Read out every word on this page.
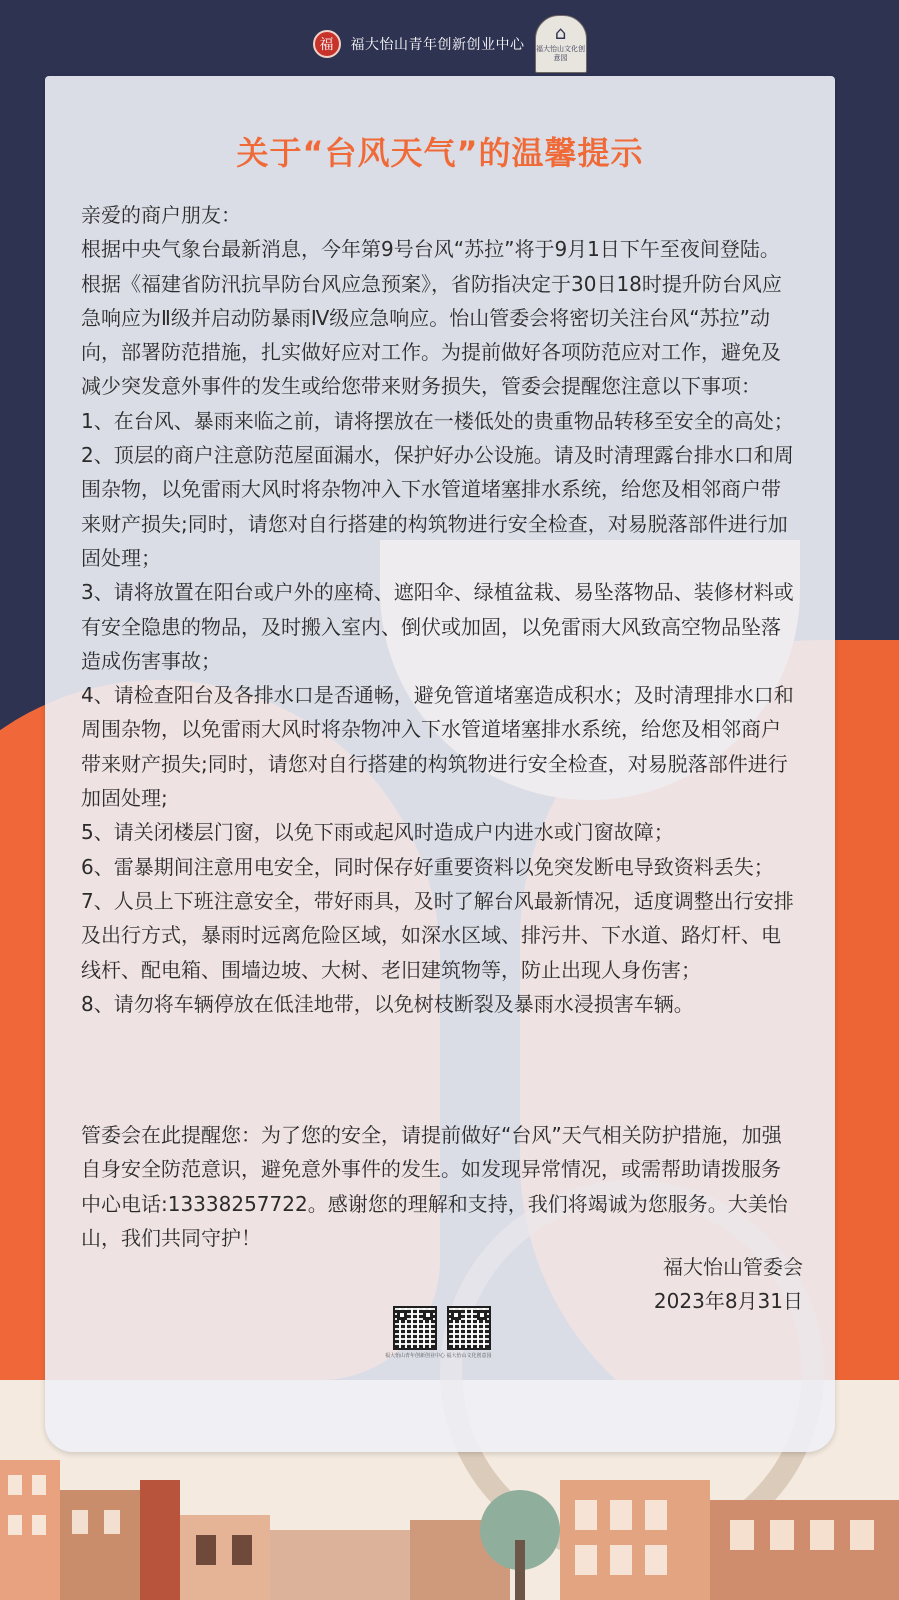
福	福大怡山青年创新创业中心
⌂
福大怡山文化创意园
关于“台风天气”的温馨提示

亲爱的商户朋友：

根据中央气象台最新消息，今年第9号台风“苏拉”将于9月1日下午至夜间登陆。根据《福建省防汛抗旱防台风应急预案》，省防指决定于30日18时提升防台风应急响应为Ⅱ级并启动防暴雨Ⅳ级应急响应。怡山管委会将密切关注台风“苏拉”动向，部署防范措施，扎实做好应对工作。为提前做好各项防范应对工作，避免及减少突发意外事件的发生或给您带来财务损失，管委会提醒您注意以下事项：

1、在台风、暴雨来临之前，请将摆放在一楼低处的贵重物品转移至安全的高处；

2、顶层的商户注意防范屋面漏水，保护好办公设施。请及时清理露台排水口和周围杂物，以免雷雨大风时将杂物冲入下水管道堵塞排水系统，给您及相邻商户带来财产损失;同时，请您对自行搭建的构筑物进行安全检查，对易脱落部件进行加固处理；

3、请将放置在阳台或户外的座椅、遮阳伞、绿植盆栽、易坠落物品、装修材料或有安全隐患的物品，及时搬入室内、倒伏或加固，以免雷雨大风致高空物品坠落造成伤害事故；

4、请检查阳台及各排水口是否通畅，避免管道堵塞造成积水；及时清理排水口和周围杂物，以免雷雨大风时将杂物冲入下水管道堵塞排水系统，给您及相邻商户带来财产损失;同时，请您对自行搭建的构筑物进行安全检查，对易脱落部件进行加固处理;

5、请关闭楼层门窗，以免下雨或起风时造成户内进水或门窗故障；

6、雷暴期间注意用电安全，同时保存好重要资料以免突发断电导致资料丢失；

7、人员上下班注意安全，带好雨具，及时了解台风最新情况，适度调整出行安排及出行方式，暴雨时远离危险区域，如深水区域、排污井、下水道、路灯杆、电线杆、配电箱、围墙边坡、大树、老旧建筑物等，防止出现人身伤害；

8、请勿将车辆停放在低洼地带，以免树枝断裂及暴雨水浸损害车辆。

管委会在此提醒您：为了您的安全，请提前做好“台风”天气相关防护措施，加强自身安全防范意识，避免意外事件的发生。如发现异常情况，或需帮助请拨服务中心电话:13338257722。感谢您的理解和支持，我们将竭诚为您服务。大美怡山，我们共同守护！

福大怡山管委会
2023年8月31日
福大怡山青年创新创业中心 福大怡山文化创意园
